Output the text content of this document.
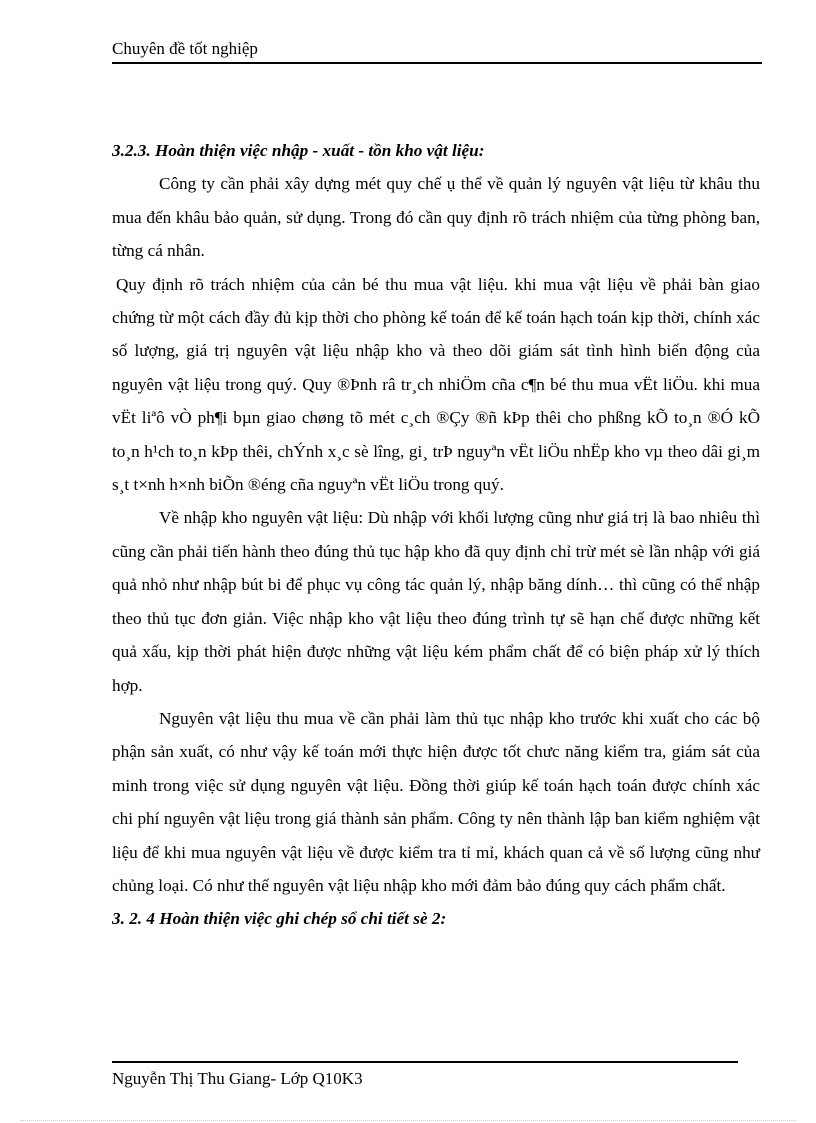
Chuyên đề tốt nghiệp

3.2.3. Hoàn thiện việc nhập - xuất - tồn kho vật liệu:

Công ty cần phải xây dựng mét quy chế ụ thể về quản lý nguyên vật liệu từ khâu thu mua đến khâu bảo quản, sử dụng. Trong đó cần quy định rõ trách nhiệm của từng phòng ban, từng cá nhân.

Quy định rõ trách nhiệm của cản bé thu mua vật liệu. khi mua vật liệu về phải bàn giao chứng từ một cách đầy đủ kịp thời cho phòng kế toán để kế toán hạch toán kịp thời, chính xác số lượng, giá trị nguyên vật liệu nhập kho và theo dõi giám sát tình hình biến động của nguyên vật liệu trong quý. Quy ®Þnh râ tr¸ch nhiÖm cña c¶n bé thu mua vËt liÖu. khi mua vËt liªô vÒ ph¶i bµn giao chøng tõ mét c¸ch ®Çy ®ñ kÞp thêi cho phßng kÕ to¸n ®Ó kÕ to¸n h¹ch to¸n kÞp thêi, chÝnh x¸c sè lîng, gi¸ trÞ nguyªn vËt liÖu nhËp kho vµ theo dâi gi¸m s¸t t×nh h×nh biÕn ®éng cña nguyªn vËt liÖu trong quý.

Về nhập kho nguyên vật liệu: Dù nhập với khối lượng cũng như giá trị là bao nhiêu thì cũng cần phải tiến hành theo đúng thủ tục hập kho đã quy định chỉ trừ mét sè lần nhập với giá quả nhỏ như nhập bút bi để phục vụ công tác quản lý, nhập băng dính… thì cũng có thể nhập theo thủ tục đơn giản. Việc nhập kho vật liệu theo đúng trình tự sẽ hạn chế được những kết quả xấu, kịp thời phát hiện được những vật liệu kém phẩm chất để có biện pháp xử lý thích hợp.

Nguyên vật liệu thu mua về cần phải làm thủ tục nhập kho trước khi xuất cho các bộ phận sản xuất, có như vậy kế toán mới thực hiện được tốt chưc năng kiểm tra, giám sát của minh trong việc sử dụng nguyên vật liệu. Đồng thời giúp kế toán hạch toán được chính xác chi phí nguyên vật liệu trong giá thành sản phẩm. Công ty nên thành lập ban kiểm nghiệm vật liệu để khi mua nguyên vật liệu về được kiểm tra tỉ mỉ, khách quan cả về số lượng cũng như chủng loại. Có như thế nguyên vật liệu nhập kho mới đảm bảo đúng quy cách phẩm chất.

3. 2. 4 Hoàn thiện việc ghi chép sổ chi tiết sè 2:

Nguyễn Thị Thu Giang- Lớp Q10K3
